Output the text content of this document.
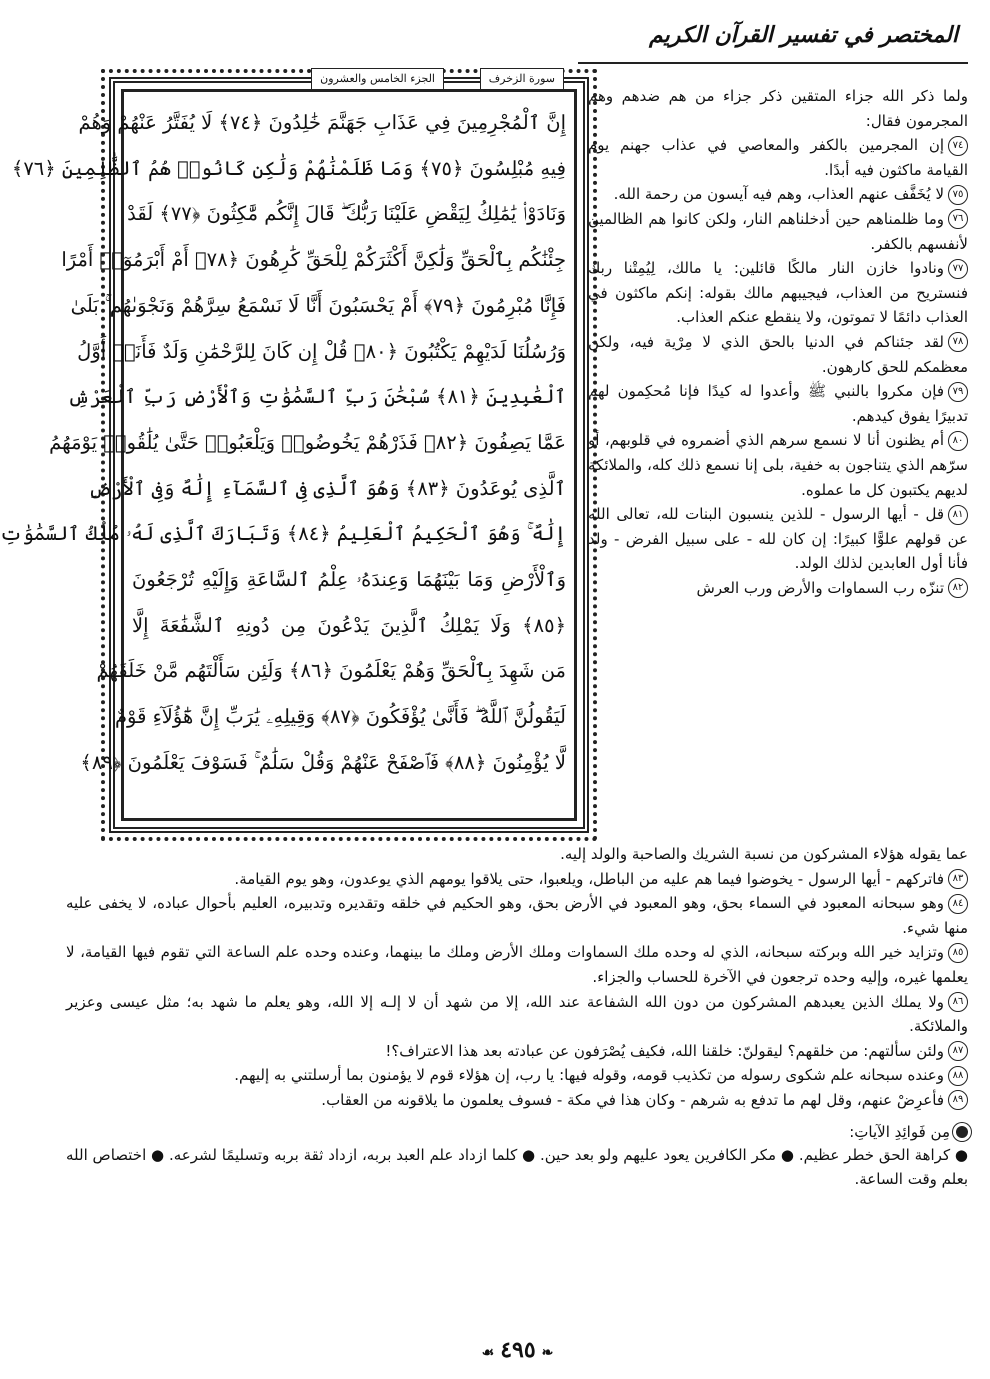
المختصر في تفسير القرآن الكريم
سورة الزخرف
الجزء الخامس والعشرون
إِنَّ ٱلْمُجْرِمِينَ فِي عَذَابِ جَهَنَّمَ خَٰلِدُونَ ﴿٧٤﴾ لَا يُفَتَّرُ عَنْهُمْ وَهُمْ
فِيهِ مُبْلِسُونَ ﴿٧٥﴾ وَمَا ظَلَمْنَٰهُمْ وَلَٰكِن كَانُوا۟ هُمُ ٱلظَّٰلِمِينَ ﴿٧٦﴾
وَنَادَوْا۟ يَٰمَٰلِكُ لِيَقْضِ عَلَيْنَا رَبُّكَ ۖ قَالَ إِنَّكُم مَّٰكِثُونَ ﴿٧٧﴾ لَقَدْ
جِئْنَٰكُم بِٱلْحَقِّ وَلَٰكِنَّ أَكْثَرَكُمْ لِلْحَقِّ كَٰرِهُونَ ﴿٧٨﴾ أَمْ أَبْرَمُوٓا۟ أَمْرًا
فَإِنَّا مُبْرِمُونَ ﴿٧٩﴾ أَمْ يَحْسَبُونَ أَنَّا لَا نَسْمَعُ سِرَّهُمْ وَنَجْوَىٰهُم ۚ بَلَىٰ
وَرُسُلُنَا لَدَيْهِمْ يَكْتُبُونَ ﴿٨٠﴾ قُلْ إِن كَانَ لِلرَّحْمَٰنِ وَلَدٌ فَأَنَا۠ أَوَّلُ
ٱلْعَٰبِدِينَ ﴿٨١﴾ سُبْحَٰنَ رَبِّ ٱلسَّمَٰوَٰتِ وَٱلْأَرْضِ رَبِّ ٱلْعَرْشِ
عَمَّا يَصِفُونَ ﴿٨٢﴾ فَذَرْهُمْ يَخُوضُوا۟ وَيَلْعَبُوا۟ حَتَّىٰ يُلَٰقُوا۟ يَوْمَهُمُ
ٱلَّذِى يُوعَدُونَ ﴿٨٣﴾ وَهُوَ ٱلَّذِى فِى ٱلسَّمَآءِ إِلَٰهٌ وَفِى ٱلْأَرْضِ
إِلَٰهٌ ۚ وَهُوَ ٱلْحَكِيمُ ٱلْعَلِيمُ ﴿٨٤﴾ وَتَبَارَكَ ٱلَّذِى لَهُۥ مُلْكُ ٱلسَّمَٰوَٰتِ
وَٱلْأَرْضِ وَمَا بَيْنَهُمَا وَعِندَهُۥ عِلْمُ ٱلسَّاعَةِ وَإِلَيْهِ تُرْجَعُونَ
﴿٨٥﴾ وَلَا يَمْلِكُ ٱلَّذِينَ يَدْعُونَ مِن دُونِهِ ٱلشَّفَٰعَةَ إِلَّا
مَن شَهِدَ بِٱلْحَقِّ وَهُمْ يَعْلَمُونَ ﴿٨٦﴾ وَلَئِن سَأَلْتَهُم مَّنْ خَلَقَهُمْ
لَيَقُولُنَّ ٱللَّهُ ۖ فَأَنَّىٰ يُؤْفَكُونَ ﴿٨٧﴾ وَقِيلِهِۦ يَٰرَبِّ إِنَّ هَٰٓؤُلَآءِ قَوْمٌ
لَّا يُؤْمِنُونَ ﴿٨٨﴾ فَٱصْفَحْ عَنْهُمْ وَقُلْ سَلَٰمٌ ۚ فَسَوْفَ يَعْلَمُونَ ﴿٨٩﴾

ولما ذكر الله جزاء المتقين ذكر جزاء من هم ضدهم وهم المجرمون فقال:

٧٤إن المجرمين بالكفر والمعاصي في عذاب جهنم يوم القيامة ماكثون فيه أبدًا.

٧٥لا يُخَفَّف عنهم العذاب، وهم فيه آيسون من رحمة الله.

٧٦وما ظلمناهم حين أدخلناهم النار، ولكن كانوا هم الظالمين لأنفسهم بالكفر.

٧٧ونادوا خازن النار مالكًا قائلين: يا مالك، لِيُمِتْنا ربك فنستريح من العذاب، فيجيبهم مالك بقوله: إنكم ماكثون في العذاب دائمًا لا تموتون، ولا ينقطع عنكم العذاب.

٧٨لقد جئناكم في الدنيا بالحق الذي لا مِرْية فيه، ولكن معظمكم للحق كارهون.

٧٩فإن مكروا بالنبي ﷺ وأعدوا له كيدًا فإنا مُحكِمون لهم تدبيرًا يفوق كيدهم.

٨٠أم يظنون أنا لا نسمع سرهم الذي أضمروه في قلوبهم، أو سرّهم الذي يتناجون به خفية، بلى إنا نسمع ذلك كله، والملائكة لديهم يكتبون كل ما عملوه.

٨١قل - أيها الرسول - للذين ينسبون البنات لله، تعالى الله عن قولهم علوًّا كبيرًا: إن كان لله - على سبيل الفرض - ولد فأنا أول العابدين لذلك الولد.

٨٢تنزّه رب السماوات والأرض ورب العرش

عما يقوله هؤلاء المشركون من نسبة الشريك والصاحبة والولد إليه.

٨٣فاتركهم - أيها الرسول - يخوضوا فيما هم عليه من الباطل، ويلعبوا، حتى يلاقوا يومهم الذي يوعدون، وهو يوم القيامة.

٨٤وهو سبحانه المعبود في السماء بحق، وهو المعبود في الأرض بحق، وهو الحكيم في خلقه وتقديره وتدبيره، العليم بأحوال عباده، لا يخفى عليه منها شيء.

٨٥وتزايد خير الله وبركته سبحانه، الذي له وحده ملك السماوات وملك الأرض وملك ما بينهما، وعنده وحده علم الساعة التي تقوم فيها القيامة، لا يعلمها غيره، وإليه وحده ترجعون في الآخرة للحساب والجزاء.

٨٦ولا يملك الذين يعبدهم المشركون من دون الله الشفاعة عند الله، إلا من شهد أن لا إلـه إلا الله، وهو يعلم ما شهد به؛ مثل عيسى وعزير والملائكة.

٨٧ولئن سألتهم: من خلقهم؟ ليقولنّ: خلقنا الله، فكيف يُصْرَفون عن عبادته بعد هذا الاعتراف؟!

٨٨وعنده سبحانه علم شكوى رسوله من تكذيب قومه، وقوله فيها: يا رب، إن هؤلاء قوم لا يؤمنون بما أرسلتني به إليهم.

٨٩فأعرِضْ عنهم، وقل لهم ما تدفع به شرهم - وكان هذا في مكة - فسوف يعلمون ما يلاقونه من العقاب.

مِن فَوائِدِ الآياتِ:

● كراهة الحق خطر عظيم. ● مكر الكافرين يعود عليهم ولو بعد حين. ● كلما ازداد علم العبد بربه، ازداد ثقة بربه وتسليمًا لشرعه. ● اختصاص الله بعلم وقت الساعة.

❧٤٩٥☙
